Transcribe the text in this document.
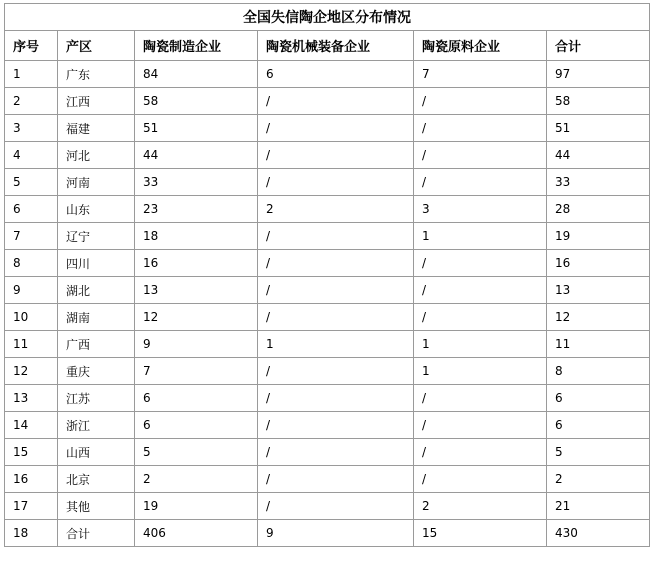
全国失信陶企地区分布情况					
序号	产区	陶瓷制造企业	陶瓷机械装备企业	陶瓷原料企业	合计
1	广东	84	6	7	97
2	江西	58	/	/	58
3	福建	51	/	/	51
4	河北	44	/	/	44
5	河南	33	/	/	33
6	山东	23	2	3	28
7	辽宁	18	/	1	19
8	四川	16	/	/	16
9	湖北	13	/	/	13
10	湖南	12	/	/	12
11	广西	9	1	1	11
12	重庆	7	/	1	8
13	江苏	6	/	/	6
14	浙江	6	/	/	6
15	山西	5	/	/	5
16	北京	2	/	/	2
17	其他	19	/	2	21
18	合计	406	9	15	430
